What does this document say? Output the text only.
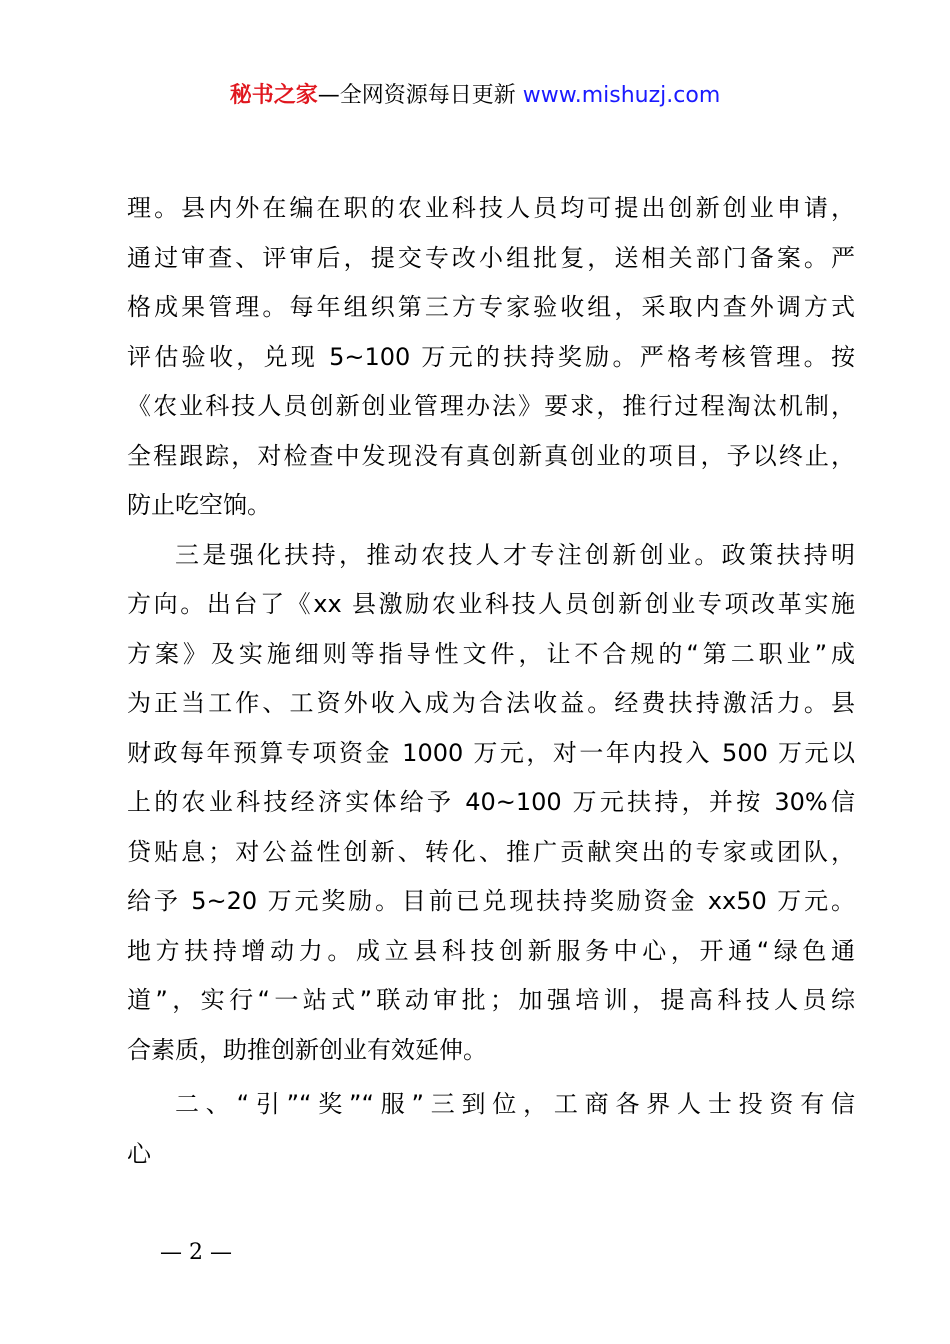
秘书之家—全网资源每日更新 www.mishuzj.com
理。县内外在编在职的农业科技人员均可提出创新创业申请，
通过审查、评审后，提交专改小组批复，送相关部门备案。严
格成果管理。每年组织第三方专家验收组，采取内查外调方式
评估验收，兑现 5~100 万元的扶持奖励。严格考核管理。按
《农业科技人员创新创业管理办法》要求，推行过程淘汰机制，
全程跟踪，对检查中发现没有真创新真创业的项目，予以终止，
防止吃空饷。
三是强化扶持，推动农技人才专注创新创业。政策扶持明
方向。出台了《xx 县激励农业科技人员创新创业专项改革实施
方案》及实施细则等指导性文件，让不合规的“第二职业”成
为正当工作、工资外收入成为合法收益。经费扶持激活力。县
财政每年预算专项资金 1000 万元，对一年内投入 500 万元以
上的农业科技经济实体给予 40~100 万元扶持，并按 30%信
贷贴息；对公益性创新、转化、推广贡献突出的专家或团队，
给予 5~20 万元奖励。目前已兑现扶持奖励资金 xx50 万元。
地方扶持增动力。成立县科技创新服务中心，开通“绿色通
道”，实行“一站式”联动审批；加强培训，提高科技人员综
合素质，助推创新创业有效延伸。
二、“引”“奖”“服”三到位，工商各界人士投资有信
心
— 2 —
